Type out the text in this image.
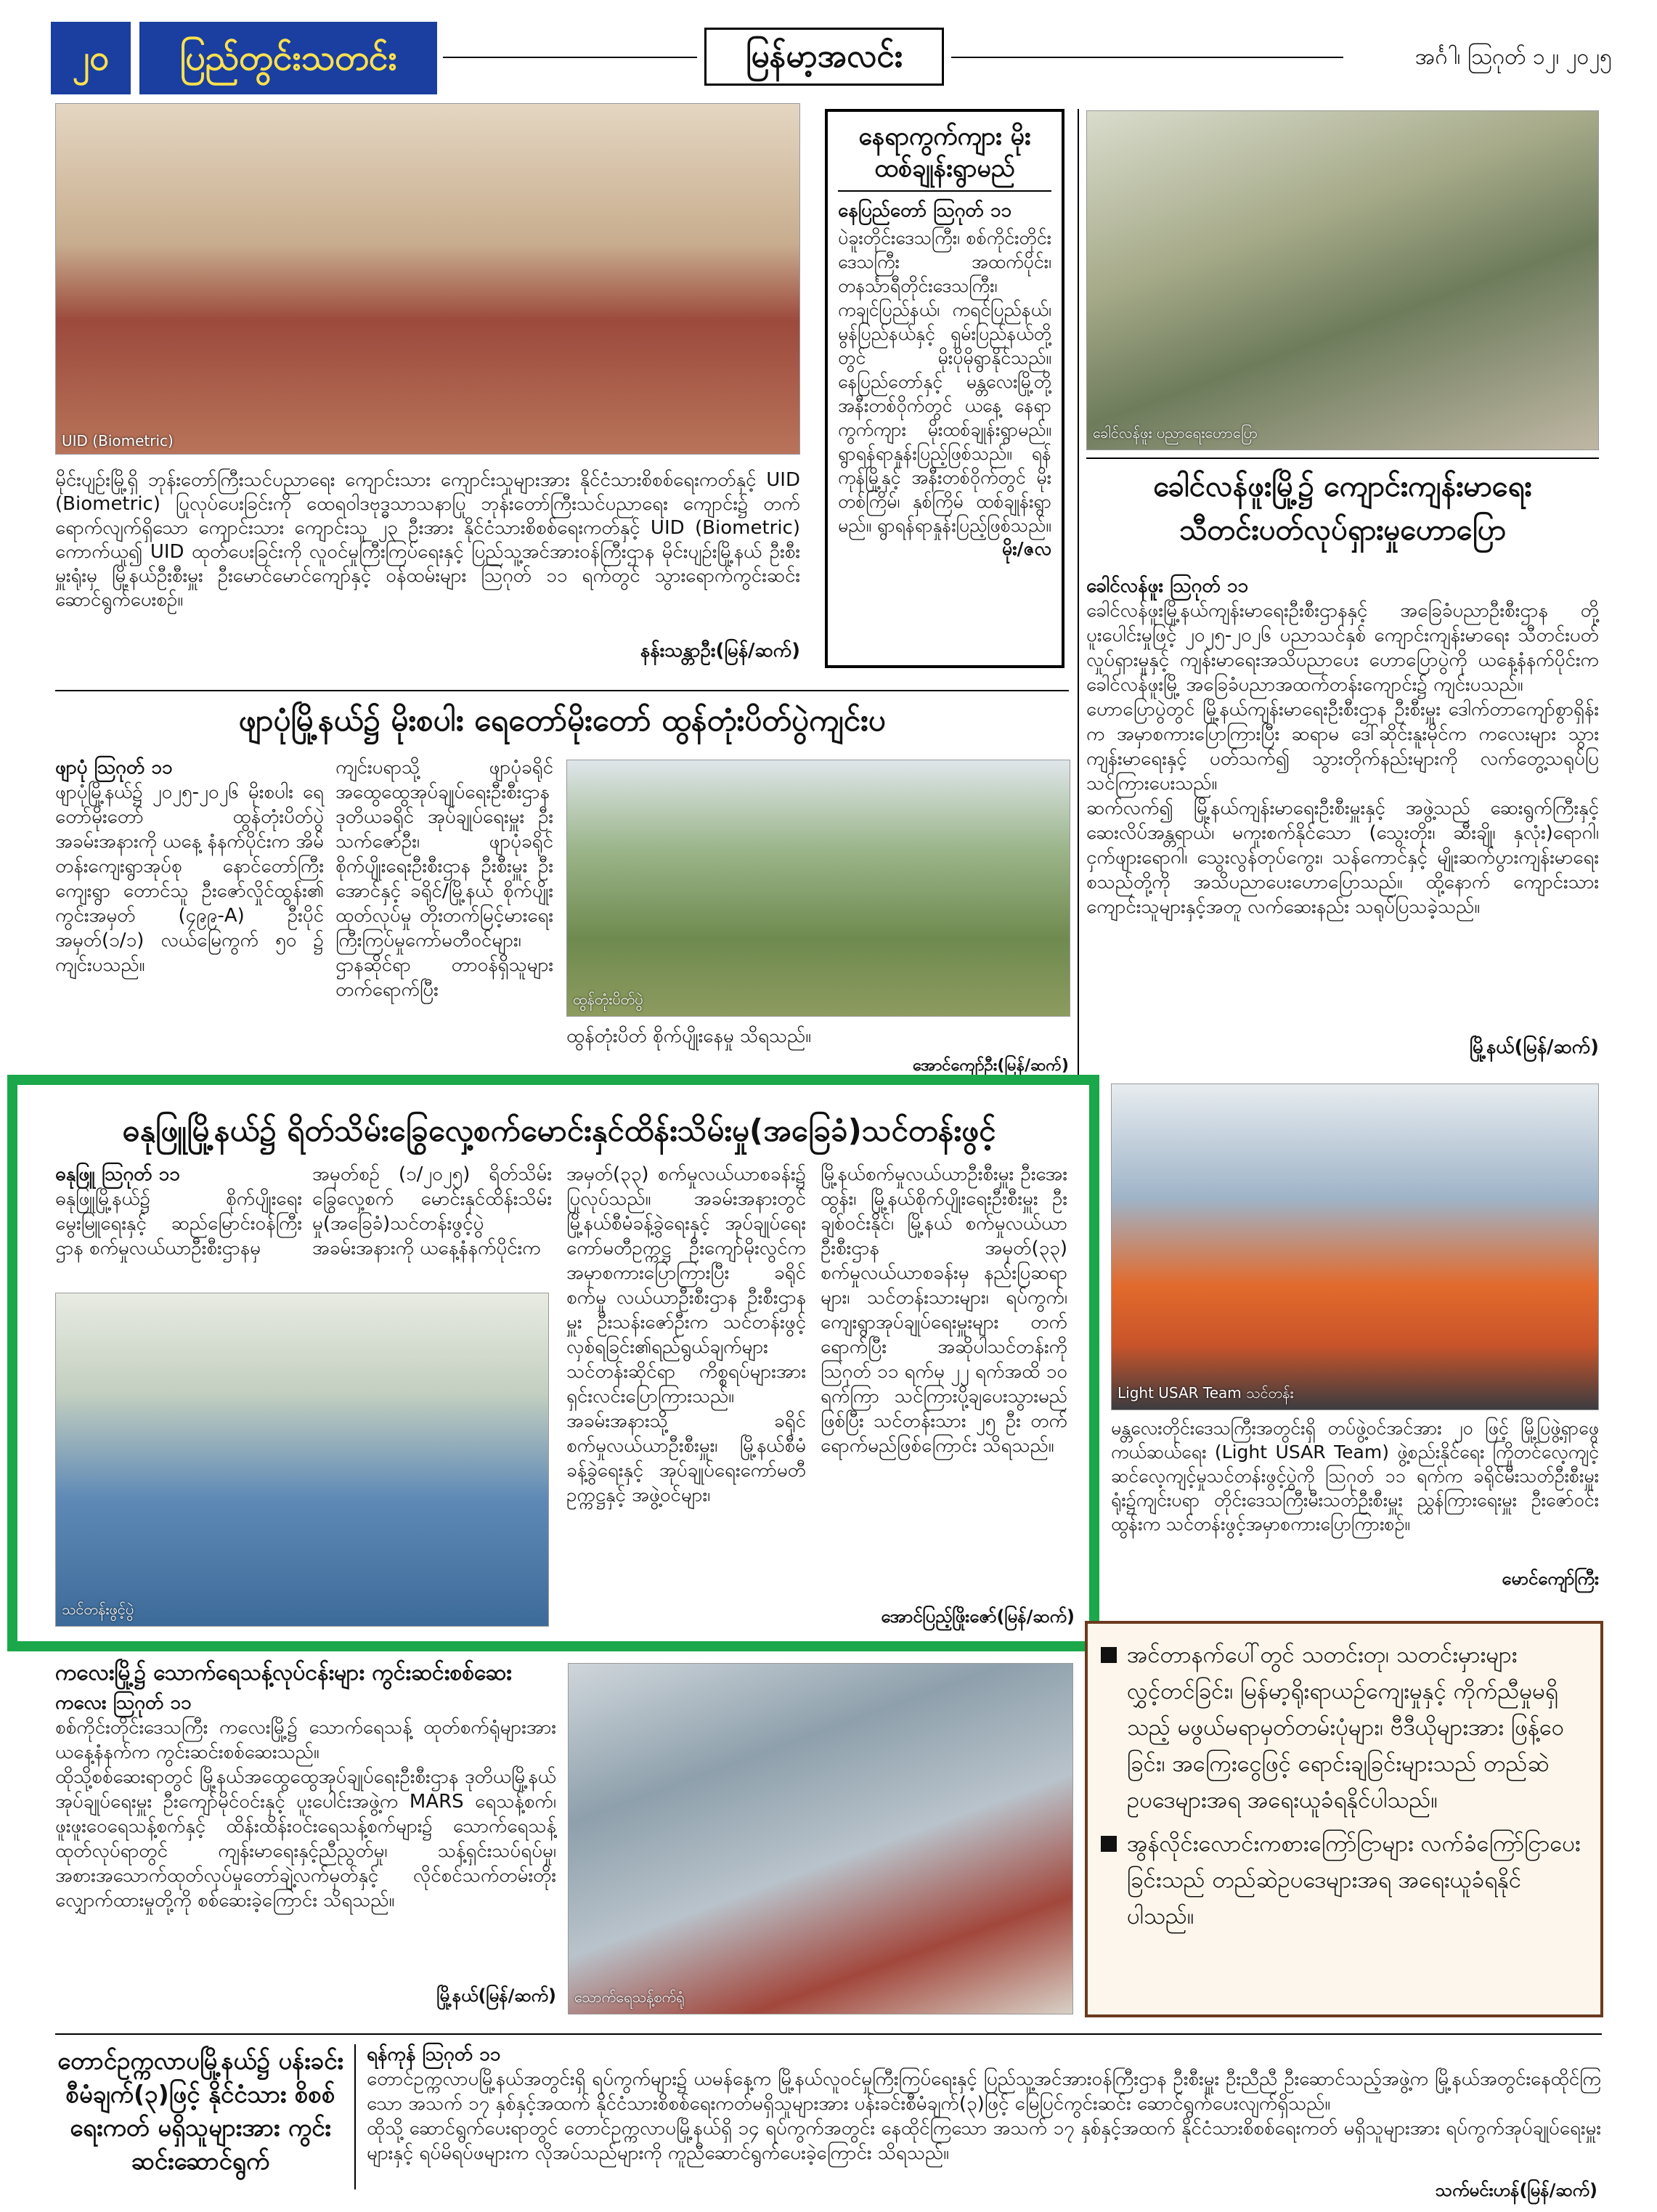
၂၀	ပြည်တွင်းသတင်း	မြန်မာ့အလင်း	အင်္ဂါ၊ ဩဂုတ် ၁၂၊ ၂၀၂၅
UID (Biometric)

မိုင်းပျဉ်းမြို့ရှိ ဘုန်းတော်ကြီးသင်ပညာရေး ကျောင်းသား ကျောင်းသူများအား နိုင်ငံသားစိစစ်ရေးကတ်နှင့် UID (Biometric) ပြုလုပ်ပေးခြင်းကို ထေရဝါဒဗုဒ္ဓသာသနာပြု ဘုန်းတော်ကြီးသင်ပညာရေး ကျောင်း၌ တက်ရောက်လျက်ရှိသော ကျောင်းသား ကျောင်းသူ ၂၃ ဦးအား နိုင်ငံသားစိစစ်ရေးကတ်နှင့် UID (Biometric) ကောက်ယူ၍ UID ထုတ်ပေးခြင်းကို လူဝင်မှုကြီးကြပ်ရေးနှင့် ပြည်သူ့အင်အားဝန်ကြီးဌာန မိုင်းပျဉ်းမြို့နယ် ဦးစီးမှူးရုံးမှ မြို့နယ်ဦးစီးမှူး ဦးမောင်မောင်ကျော်နှင့် ဝန်ထမ်းများ ဩဂုတ် ၁၁ ရက်တွင် သွားရောက်ကွင်းဆင်း ဆောင်ရွက်ပေးစဉ်။

နန်းသန္တာဦး(မြန်/ဆက်)
နေရာကွက်ကျား မိုးထစ်ချုန်းရွာမည်
နေပြည်တော် ဩဂုတ် ၁၁
ပဲခူးတိုင်းဒေသကြီး၊ စစ်ကိုင်းတိုင်းဒေသကြီး အထက်ပိုင်း၊ တနင်္သာရီတိုင်းဒေသကြီး၊ ကချင်ပြည်နယ်၊ ကရင်ပြည်နယ်၊ မွန်ပြည်နယ်နှင့် ရှမ်းပြည်နယ်တို့တွင် မိုးပိုမိုရွာနိုင်သည်။ နေပြည်တော်နှင့် မန္တလေးမြို့တို့ အနီးတစ်ဝိုက်တွင် ယနေ့ နေရာကွက်ကျား မိုးထစ်ချုန်းရွာမည်။ ရွာရန်ရာနှုန်းပြည့်ဖြစ်သည်။ ရန်ကုန်မြို့နှင့် အနီးတစ်ဝိုက်တွင် မိုးတစ်ကြိမ်၊ နှစ်ကြိမ် ထစ်ချုန်းရွာမည်။ ရွာရန်ရာနှုန်းပြည့်ဖြစ်သည်။
မိုး/ဇလ
ခေါင်လန်ဖူး ပညာရေးဟောပြော
ခေါင်လန်ဖူးမြို့၌ ကျောင်းကျန်းမာရေး သီတင်းပတ်လုပ်ရှားမှုဟောပြော

ခေါင်လန်ဖူး ဩဂုတ် ၁၁

ခေါင်လန်ဖူးမြို့နယ်ကျန်းမာရေးဦးစီးဌာနနှင့် အခြေခံပညာဦးစီးဌာန တို့ပူးပေါင်းမှုဖြင့် ၂၀၂၅-၂၀၂၆ ပညာသင်နှစ် ကျောင်းကျန်းမာရေး သီတင်းပတ်လှုပ်ရှားမှုနှင့် ကျန်းမာရေးအသိပညာပေး ဟောပြောပွဲကို ယနေ့နံနက်ပိုင်းက ခေါင်လန်ဖူးမြို့ အခြေခံပညာအထက်တန်းကျောင်း၌ ကျင်းပသည်။

ဟောပြောပွဲတွင် မြို့နယ်ကျန်းမာရေးဦးစီးဌာန ဦးစီးမှူး ဒေါက်တာကျော်စွာရှိန်းက အမှာစကားပြောကြားပြီး ဆရာမ ဒေါ်ဆိုင်းနူးမိုင်က ကလေးများ သွားကျန်းမာရေးနှင့် ပတ်သက်၍ သွားတိုက်နည်းများကို လက်တွေ့သရုပ်ပြ သင်ကြားပေးသည်။

ဆက်လက်၍ မြို့နယ်ကျန်းမာရေးဦးစီးမှူးနှင့် အဖွဲ့သည် ဆေးရွက်ကြီးနှင့် ဆေးလိပ်အန္တရာယ်၊ မကူးစက်နိုင်သော (သွေးတိုး၊ ဆီးချို၊ နှလုံး)ရောဂါ၊ ငှက်ဖျားရောဂါ၊ သွေးလွန်တုပ်ကွေး၊ သန်ကောင်နှင့် မျိုးဆက်ပွားကျန်းမာရေး စသည်တို့ကို အသိပညာပေးဟောပြောသည်။ ထို့နောက် ကျောင်းသား ကျောင်းသူများနှင့်အတူ လက်ဆေးနည်း သရုပ်ပြသခဲ့သည်။

မြို့နယ်(မြန်/ဆက်)
ဖျာပုံမြို့နယ်၌ မိုးစပါး ရေတော်မိုးတော် ထွန်တုံးပိတ်ပွဲကျင်းပ

ဖျာပုံ ဩဂုတ် ၁၁

ဖျာပုံမြို့နယ်၌ ၂၀၂၅-၂၀၂၆ မိုးစပါး ရေတော်မိုးတော် ထွန်တုံးပိတ်ပွဲ အခမ်းအနားကို ယနေ့ နံနက်ပိုင်းက အိမ်တန်းကျေးရွာအုပ်စု နောင်တော်ကြီးကျေးရွာ တောင်သူ ဦးဇော်လှိုင်ထွန်း၏ ကွင်းအမှတ် (၄၉၉-A) ဦးပိုင်အမှတ်(၁/၁) လယ်မြေကွက် ၅၀ ၌ ကျင်းပသည်။

ကျင်းပရာသို့ ဖျာပုံခရိုင် အထွေထွေအုပ်ချုပ်ရေးဦးစီးဌာန ဒုတိယခရိုင် အုပ်ချုပ်ရေးမှူး ဦးသက်ဇော်ဦး၊ ဖျာပုံခရိုင် စိုက်ပျိုးရေးဦးစီးဌာန ဦးစီးမှူး ဦးအောင်နှင့် ခရိုင်/မြို့နယ် စိုက်ပျိုးထုတ်လုပ်မှု တိုးတက်မြင့်မားရေး ကြီးကြပ်မှုကော်မတီဝင်များ၊ ဌာနဆိုင်ရာ တာဝန်ရှိသူများ တက်ရောက်ပြီး	ထွန်တုံးပိတ်ပွဲ
ထွန်တုံးပိတ် စိုက်ပျိုးနေမှု သိရသည်။
အောင်ကျော်ဦး(မြန်/ဆက်)
ဓနုဖြူမြို့နယ်၌ ရိတ်သိမ်းခြွေလှေ့စက်မောင်းနှင်ထိန်းသိမ်းမှု(အခြေခံ)သင်တန်းဖွင့်

ဓနုဖြူ ဩဂုတ် ၁၁

ဓနုဖြူမြို့နယ်၌ စိုက်ပျိုးရေး မွေးမြူရေးနှင့် ဆည်မြောင်းဝန်ကြီး ဌာန စက်မှုလယ်ယာဦးစီးဌာနမှ

အမှတ်စဉ် (၁/၂၀၂၅) ရိတ်သိမ်း ခြွေလှေ့စက် မောင်းနှင်ထိန်းသိမ်းမှု(အခြေခံ)သင်တန်းဖွင့်ပွဲအခမ်းအနားကို ယနေ့နံနက်ပိုင်းက

သင်တန်းဖွင့်ပွဲ

အမှတ်(၃၃) စက်မှုလယ်ယာစခန်း၌ ပြုလုပ်သည်။ အခမ်းအနားတွင် မြို့နယ်စီမံခန့်ခွဲရေးနှင့် အုပ်ချုပ်ရေးကော်မတီဥက္ကဋ္ဌ ဦးကျော်မိုးလွင်က အမှာစကားပြောကြားပြီး ခရိုင်စက်မှု လယ်ယာဦးစီးဌာန ဦးစီးဌာနမှူး ဦးသန်းဇော်ဦးက သင်တန်းဖွင့်လှစ်ရခြင်း၏ရည်ရွယ်ချက်များ သင်တန်းဆိုင်ရာ ကိစ္စရပ်များအား ရှင်းလင်းပြောကြားသည်။ အခမ်းအနားသို့ ခရိုင်စက်မှုလယ်ယာဦးစီးမှူး၊ မြို့နယ်စီမံခန့်ခွဲရေးနှင့် အုပ်ချုပ်ရေးကော်မတီဥက္ကဋ္ဌနှင့် အဖွဲ့ဝင်များ၊

မြို့နယ်စက်မှုလယ်ယာဦးစီးမှူး ဦးအေးထွန်း၊ မြို့နယ်စိုက်ပျိုးရေးဦးစီးမှူး ဦးချစ်ဝင်းနိုင်၊ မြို့နယ် စက်မှုလယ်ယာဦးစီးဌာန အမှတ်(၃၃) စက်မှုလယ်ယာစခန်းမှ နည်းပြဆရာများ၊ သင်တန်းသားများ၊ ရပ်ကွက်၊ ကျေးရွာအုပ်ချုပ်ရေးမှူးများ တက်ရောက်ပြီး အဆိုပါသင်တန်းကို ဩဂုတ် ၁၁ ရက်မှ ၂၂ ရက်အထိ ၁၀ ရက်ကြာ သင်ကြားပို့ချပေးသွားမည်ဖြစ်ပြီး သင်တန်းသား ၂၅ ဦး တက်ရောက်မည်ဖြစ်ကြောင်း သိရသည်။

အောင်ပြည့်ဖြိုးဇော်(မြန်/ဆက်)
Light USAR Team သင်တန်း

မန္တလေးတိုင်းဒေသကြီးအတွင်းရှိ တပ်ဖွဲ့ဝင်အင်အား ၂၀ ဖြင့် မြို့ပြဖွဲ့ရှာဖွေကယ်ဆယ်ရေး (Light USAR Team) ဖွဲ့စည်းနိုင်ရေး ကြိုတင်လေ့ကျင့်ဆင်လေ့ကျင့်မှုသင်တန်းဖွင့်ပွဲကို ဩဂုတ် ၁၁ ရက်က ခရိုင်မီးသတ်ဦးစီးမှူးရုံး၌ကျင်းပရာ တိုင်းဒေသကြီးမီးသတ်ဦးစီးမှူး ညွှန်ကြားရေးမှူး ဦးဇော်ဝင်းထွန်းက သင်တန်းဖွင့်အမှာစကားပြောကြားစဉ်။

မောင်ကျော်ကြီး
ကလေးမြို့၌ သောက်ရေသန့်လုပ်ငန်းများ ကွင်းဆင်းစစ်ဆေး

ကလေး ဩဂုတ် ၁၁

စစ်ကိုင်းတိုင်းဒေသကြီး ကလေးမြို့၌ သောက်ရေသန့် ထုတ်စက်ရုံများအား ယနေ့နံနက်က ကွင်းဆင်းစစ်ဆေးသည်။

ထိုသို့စစ်ဆေးရာတွင် မြို့နယ်အထွေထွေအုပ်ချုပ်ရေးဦးစီးဌာန ဒုတိယမြို့နယ်အုပ်ချုပ်ရေးမှူး ဦးကျော်မိုင်ဝင်းနှင့် ပူးပေါင်းအဖွဲ့က MARS ရေသန့်စက်၊ ဖူးဖူးဝေရေသန့်စက်နှင့် ထိန်းထိန်းဝင်းရေသန့်စက်များ၌ သောက်ရေသန့်ထုတ်လုပ်ရာတွင် ကျန်းမာရေးနှင့်ညီညွတ်မှု၊ သန့်ရှင်းသပ်ရပ်မှု၊ အစားအသောက်ထုတ်လုပ်မှုတော်ချဲ့လက်မှတ်နှင့် လိုင်စင်သက်တမ်းတိုးလျှောက်ထားမှုတို့ကို စစ်ဆေးခဲ့ကြောင်း သိရသည်။

မြို့နယ်(မြန်/ဆက်) သောက်ရေသန့်စက်ရုံ
အင်တာနက်ပေါ်တွင် သတင်းတု၊ သတင်းမှားများ လွှင့်တင်ခြင်း၊ မြန်မာ့ရိုးရာယဉ်ကျေးမှုနှင့် ကိုက်ညီမှုမရှိသည့် မဖွယ်မရာမှတ်တမ်းပုံများ၊ ဗီဒီယိုများအား ဖြန့်ဝေခြင်း၊ အကြေးငွေဖြင့် ရောင်းချခြင်းများသည် တည်ဆဲဥပဒေများအရ အရေးယူခံရနိုင်ပါသည်။
အွန်လိုင်းလောင်းကစားကြော်ငြာများ လက်ခံကြော်ငြာပေးခြင်းသည် တည်ဆဲဥပဒေများအရ အရေးယူခံရနိုင်ပါသည်။
တောင်ဥက္ကလာပမြို့နယ်၌ ပန်းခင်းစီမံချက်(၃)ဖြင့် နိုင်ငံသား စိစစ်ရေးကတ် မရှိသူများအား ကွင်းဆင်းဆောင်ရွက်

ရန်ကုန် ဩဂုတ် ၁၁

တောင်ဥက္ကလာပမြို့နယ်အတွင်းရှိ ရပ်ကွက်များ၌ ယမန်နေ့က မြို့နယ်လူဝင်မှုကြီးကြပ်ရေးနှင့် ပြည်သူ့အင်အားဝန်ကြီးဌာန ဦးစီးမှူး ဦးညီညီ ဦးဆောင်သည့်အဖွဲ့က မြို့နယ်အတွင်းနေထိုင်ကြသော အသက် ၁၇ နှစ်နှင့်အထက် နိုင်ငံသားစိစစ်ရေးကတ်မရှိသူများအား ပန်းခင်းစီမံချက်(၃)ဖြင့် မြေပြင်ကွင်းဆင်း ဆောင်ရွက်ပေးလျက်ရှိသည်။

ထိုသို့ ဆောင်ရွက်ပေးရာတွင် တောင်ဥက္ကလာပမြို့နယ်ရှိ ၁၄ ရပ်ကွက်အတွင်း နေထိုင်ကြသော အသက် ၁၇ နှစ်နှင့်အထက် နိုင်ငံသားစိစစ်ရေးကတ် မရှိသူများအား ရပ်ကွက်အုပ်ချုပ်ရေးမှူးများနှင့် ရပ်မိရပ်ဖများက လိုအပ်သည်များကို ကူညီဆောင်ရွက်ပေးခဲ့ကြောင်း သိရသည်။

သက်မင်းဟန်(မြန်/ဆက်)
